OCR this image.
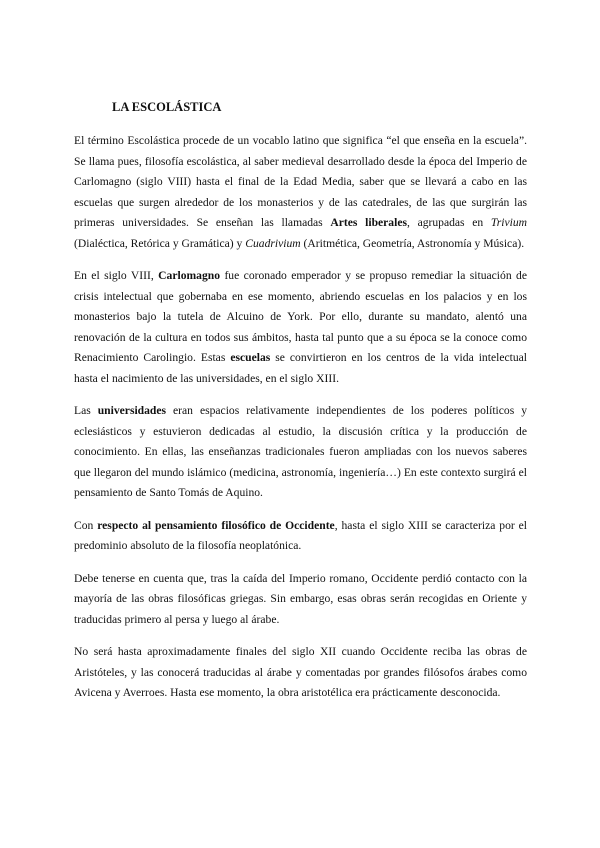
LA ESCOLÁSTICA

El término Escolástica procede de un vocablo latino que significa “el que enseña en la escuela”. Se llama pues, filosofía escolástica, al saber medieval desarrollado desde la época del Imperio de Carlomagno (siglo VIII) hasta el final de la Edad Media, saber que se llevará a cabo en las escuelas que surgen alrededor de los monasterios y de las catedrales, de las que surgirán las primeras universidades. Se enseñan las llamadas Artes liberales, agrupadas en Trivium (Dialéctica, Retórica y Gramática) y Cuadrivium (Aritmética, Geometría, Astronomía y Música).

En el siglo VIII, Carlomagno fue coronado emperador y se propuso remediar la situación de crisis intelectual que gobernaba en ese momento, abriendo escuelas en los palacios y en los monasterios bajo la tutela de Alcuino de York. Por ello, durante su mandato, alentó una renovación de la cultura en todos sus ámbitos, hasta tal punto que a su época se la conoce como Renacimiento Carolingio. Estas escuelas se convirtieron en los centros de la vida intelectual hasta el nacimiento de las universidades, en el siglo XIII.

Las universidades eran espacios relativamente independientes de los poderes políticos y eclesiásticos y estuvieron dedicadas al estudio, la discusión crítica y la producción de conocimiento. En ellas, las enseñanzas tradicionales fueron ampliadas con los nuevos saberes que llegaron del mundo islámico (medicina, astronomía, ingeniería…) En este contexto surgirá el pensamiento de Santo Tomás de Aquino.

Con respecto al pensamiento filosófico de Occidente, hasta el siglo XIII se caracteriza por el predominio absoluto de la filosofía neoplatónica.

Debe tenerse en cuenta que, tras la caída del Imperio romano, Occidente perdió contacto con la mayoría de las obras filosóficas griegas. Sin embargo, esas obras serán recogidas en Oriente y traducidas primero al persa y luego al árabe.

No será hasta aproximadamente finales del siglo XII cuando Occidente reciba las obras de Aristóteles, y las conocerá traducidas al árabe y comentadas por grandes filósofos árabes como Avicena y Averroes. Hasta ese momento, la obra aristotélica era prácticamente desconocida.
